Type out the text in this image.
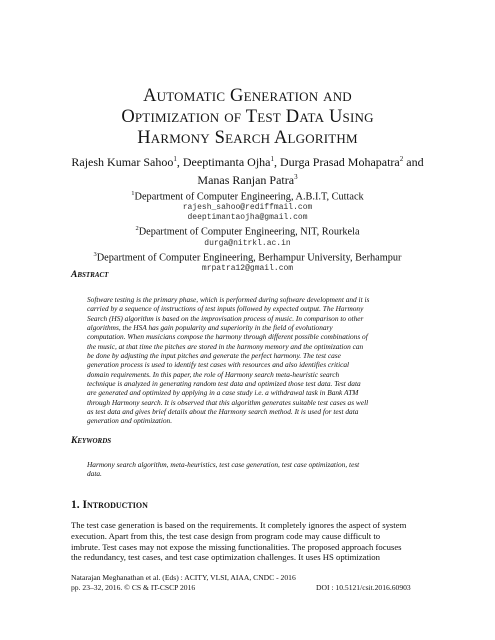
Automatic Generation and
Optimization of Test Data Using
Harmony Search Algorithm
Rajesh Kumar Sahoo$^1$, Deeptimanta Ojha$^1$, Durga Prasad Mohapatra$^2$ and
Manas Ranjan Patra$^3$
$^1$Department of Computer Engineering, A.B.I.T, Cuttack
rajesh_sahoo@rediffmail.com
deeptimantaojha@gmail.com
$^2$Department of Computer Engineering, NIT, Rourkela
durga@nitrkl.ac.in
$^3$Department of Computer Engineering, Berhampur University, Berhampur
mrpatra12@gmail.com
Abstract
Software testing is the primary phase, which is performed during software development and it is
carried by a sequence of instructions of test inputs followed by expected output. The Harmony
Search (HS) algorithm is based on the improvisation process of music. In comparison to other
algorithms, the HSA has gain popularity and superiority in the field of evolutionary
computation. When musicians compose the harmony through different possible combinations of
the music, at that time the pitches are stored in the harmony memory and the optimization can
be done by adjusting the input pitches and generate the perfect harmony. The test case
generation process is used to identify test cases with resources and also identifies critical
domain requirements. In this paper, the role of Harmony search meta-heuristic search
technique is analyzed in generating random test data and optimized those test data. Test data
are generated and optimized by applying in a case study i.e. a withdrawal task in Bank ATM
through Harmony search. It is observed that this algorithm generates suitable test cases as well
as test data and gives brief details about the Harmony search method. It is used for test data
generation and optimization.
Keywords
Harmony search algorithm, meta-heuristics, test case generation, test case optimization, test
data.
1. Introduction
The test case generation is based on the requirements. It completely ignores the aspect of system
execution. Apart from this, the test case design from program code may cause difficult to
imbrute. Test cases may not expose the missing functionalities. The proposed approach focuses
the redundancy, test cases, and test case optimization challenges. It uses HS optimization
Natarajan Meghanathan et al. (Eds) : ACITY, VLSI, AIAA, CNDC - 2016
pp. 23–32, 2016. © CS & IT-CSCP 2016	DOI : 10.5121/csit.2016.60903
